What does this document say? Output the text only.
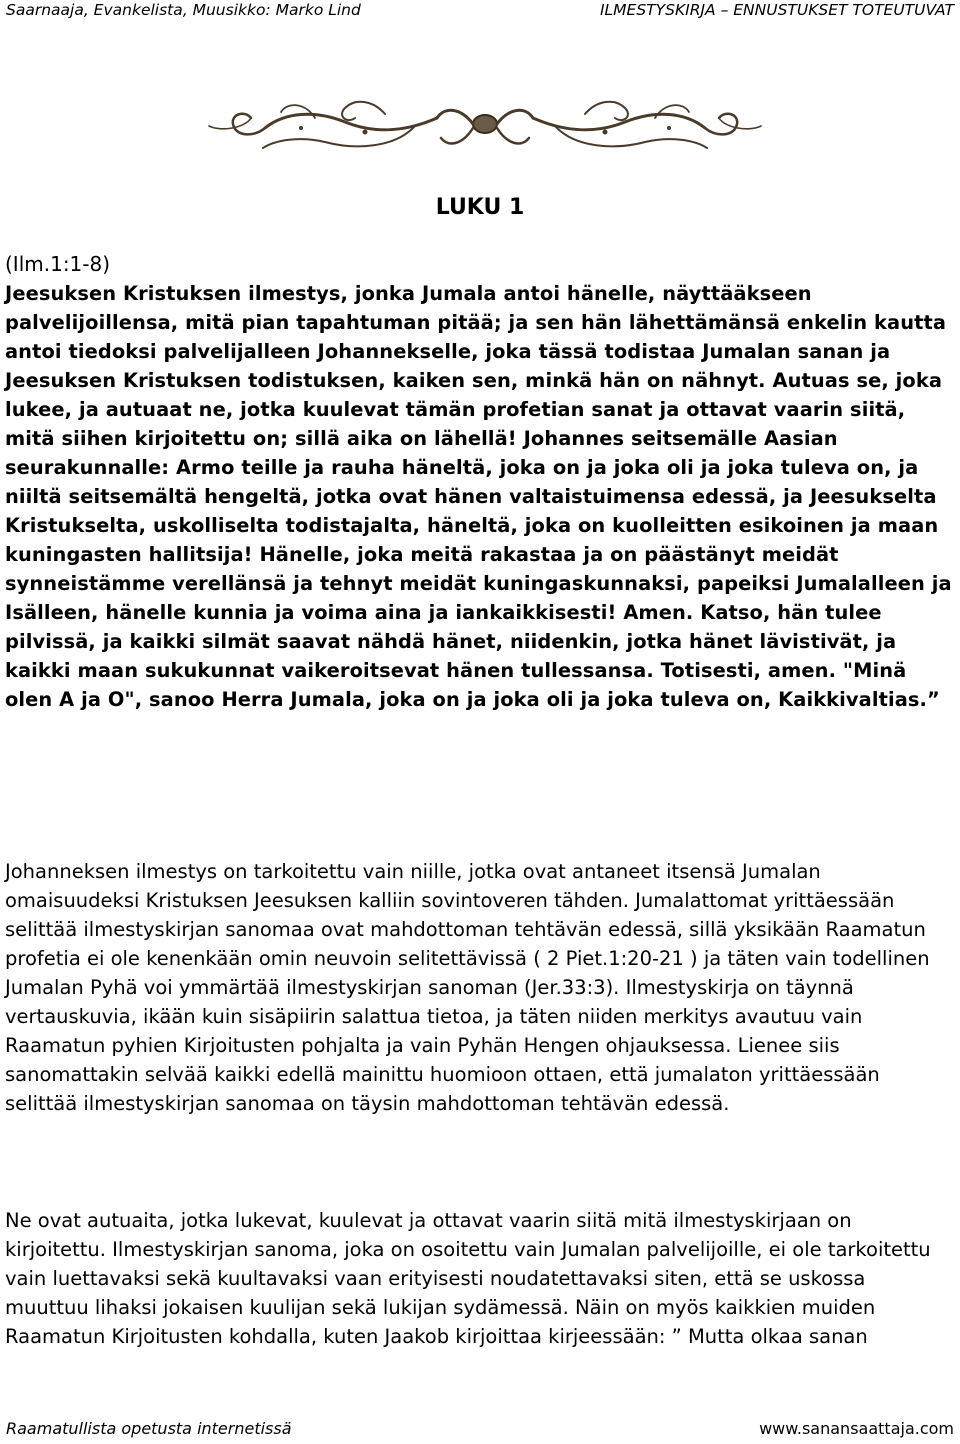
Saarnaaja, Evankelista, Muusikko: Marko Lind	ILMESTYSKIRJA – ENNUSTUKSET TOTEUTUVAT
LUKU 1
(Ilm.1:1-8)
Jeesuksen Kristuksen ilmestys, jonka Jumala antoi hänelle, näyttääkseen palvelijoillensa, mitä pian tapahtuman pitää; ja sen hän lähettämänsä enkelin kautta antoi tiedoksi palvelijalleen Johannekselle, joka tässä todistaa Jumalan sanan ja Jeesuksen Kristuksen todistuksen, kaiken sen, minkä hän on nähnyt. Autuas se, joka lukee, ja autuaat ne, jotka kuulevat tämän profetian sanat ja ottavat vaarin siitä, mitä siihen kirjoitettu on; sillä aika on lähellä! Johannes seitsemälle Aasian seurakunnalle: Armo teille ja rauha häneltä, joka on ja joka oli ja joka tuleva on, ja niiltä seitsemältä hengeltä, jotka ovat hänen valtaistuimensa edessä, ja Jeesukselta Kristukselta, uskolliselta todistajalta, häneltä, joka on kuolleitten esikoinen ja maan kuningasten hallitsija! Hänelle, joka meitä rakastaa ja on päästänyt meidät synneistämme verellänsä ja tehnyt meidät kuningaskunnaksi, papeiksi Jumalalleen ja Isälleen, hänelle kunnia ja voima aina ja iankaikkisesti! Amen. Katso, hän tulee pilvissä, ja kaikki silmät saavat nähdä hänet, niidenkin, jotka hänet lävistivät, ja kaikki maan sukukunnat vaikeroitsevat hänen tullessansa. Totisesti, amen. "Minä olen A ja O", sanoo Herra Jumala, joka on ja joka oli ja joka tuleva on, Kaikkivaltias.”
Johanneksen ilmestys on tarkoitettu vain niille, jotka ovat antaneet itsensä Jumalan omaisuudeksi Kristuksen Jeesuksen kalliin sovintoveren tähden. Jumalattomat yrittäessään selittää ilmestyskirjan sanomaa ovat mahdottoman tehtävän edessä, sillä yksikään Raamatun profetia ei ole kenenkään omin neuvoin selitettävissä ( 2 Piet.1:20-21 ) ja täten vain todellinen Jumalan Pyhä voi ymmärtää ilmestyskirjan sanoman (Jer.33:3). Ilmestyskirja on täynnä vertauskuvia, ikään kuin sisäpiirin salattua tietoa, ja täten niiden merkitys avautuu vain Raamatun pyhien Kirjoitusten pohjalta ja vain Pyhän Hengen ohjauksessa. Lienee siis sanomattakin selvää kaikki edellä mainittu huomioon ottaen, että jumalaton yrittäessään selittää ilmestyskirjan sanomaa on täysin mahdottoman tehtävän edessä.
Ne ovat autuaita, jotka lukevat, kuulevat ja ottavat vaarin siitä mitä ilmestyskirjaan on kirjoitettu. Ilmestyskirjan sanoma, joka on osoitettu vain Jumalan palvelijoille, ei ole tarkoitettu vain luettavaksi sekä kuultavaksi vaan erityisesti noudatettavaksi siten, että se uskossa muuttuu lihaksi jokaisen kuulijan sekä lukijan sydämessä. Näin on myös kaikkien muiden Raamatun Kirjoitusten kohdalla, kuten Jaakob kirjoittaa kirjeessään: ” Mutta olkaa sanan
Raamatullista opetusta internetissä	www.sanansaattaja.com
